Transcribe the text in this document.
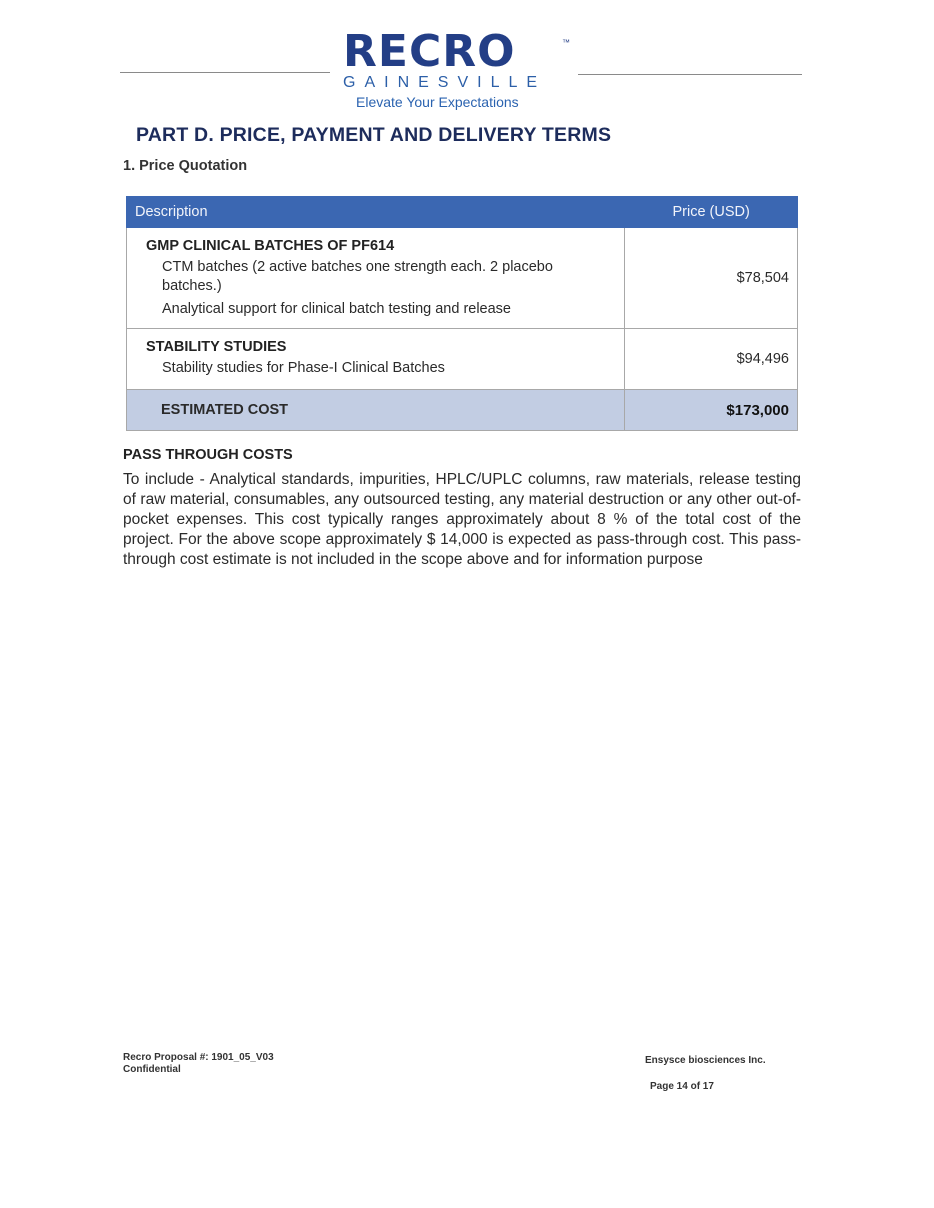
RECRO	™
GAINESVILLE
Elevate Your Expectations
PART D. PRICE, PAYMENT AND DELIVERY TERMS
1. Price Quotation
Description	Price (USD)

GMP CLINICAL BATCHES OF PF614
CTM batches (2 active batches one strength each. 2 placebo batches.)
Analytical support for clinical batch testing and release	$78,504

STABILITY STUDIES
Stability studies for Phase-I Clinical Batches	$94,496
ESTIMATED COST	$173,000
PASS THROUGH COSTS
To include - Analytical standards, impurities, HPLC/UPLC columns, raw materials, release testing of raw material, consumables, any outsourced testing, any material destruction or any other out-of-pocket expenses. This cost typically ranges approximately about 8 % of the total cost of the project. For the above scope approximately $ 14,000 is expected as pass-through cost. This pass-through cost estimate is not included in the scope above and for information purpose
Recro Proposal #: 1901_05_V03
Confidential
Ensysce biosciences Inc.
Page 14 of 17
